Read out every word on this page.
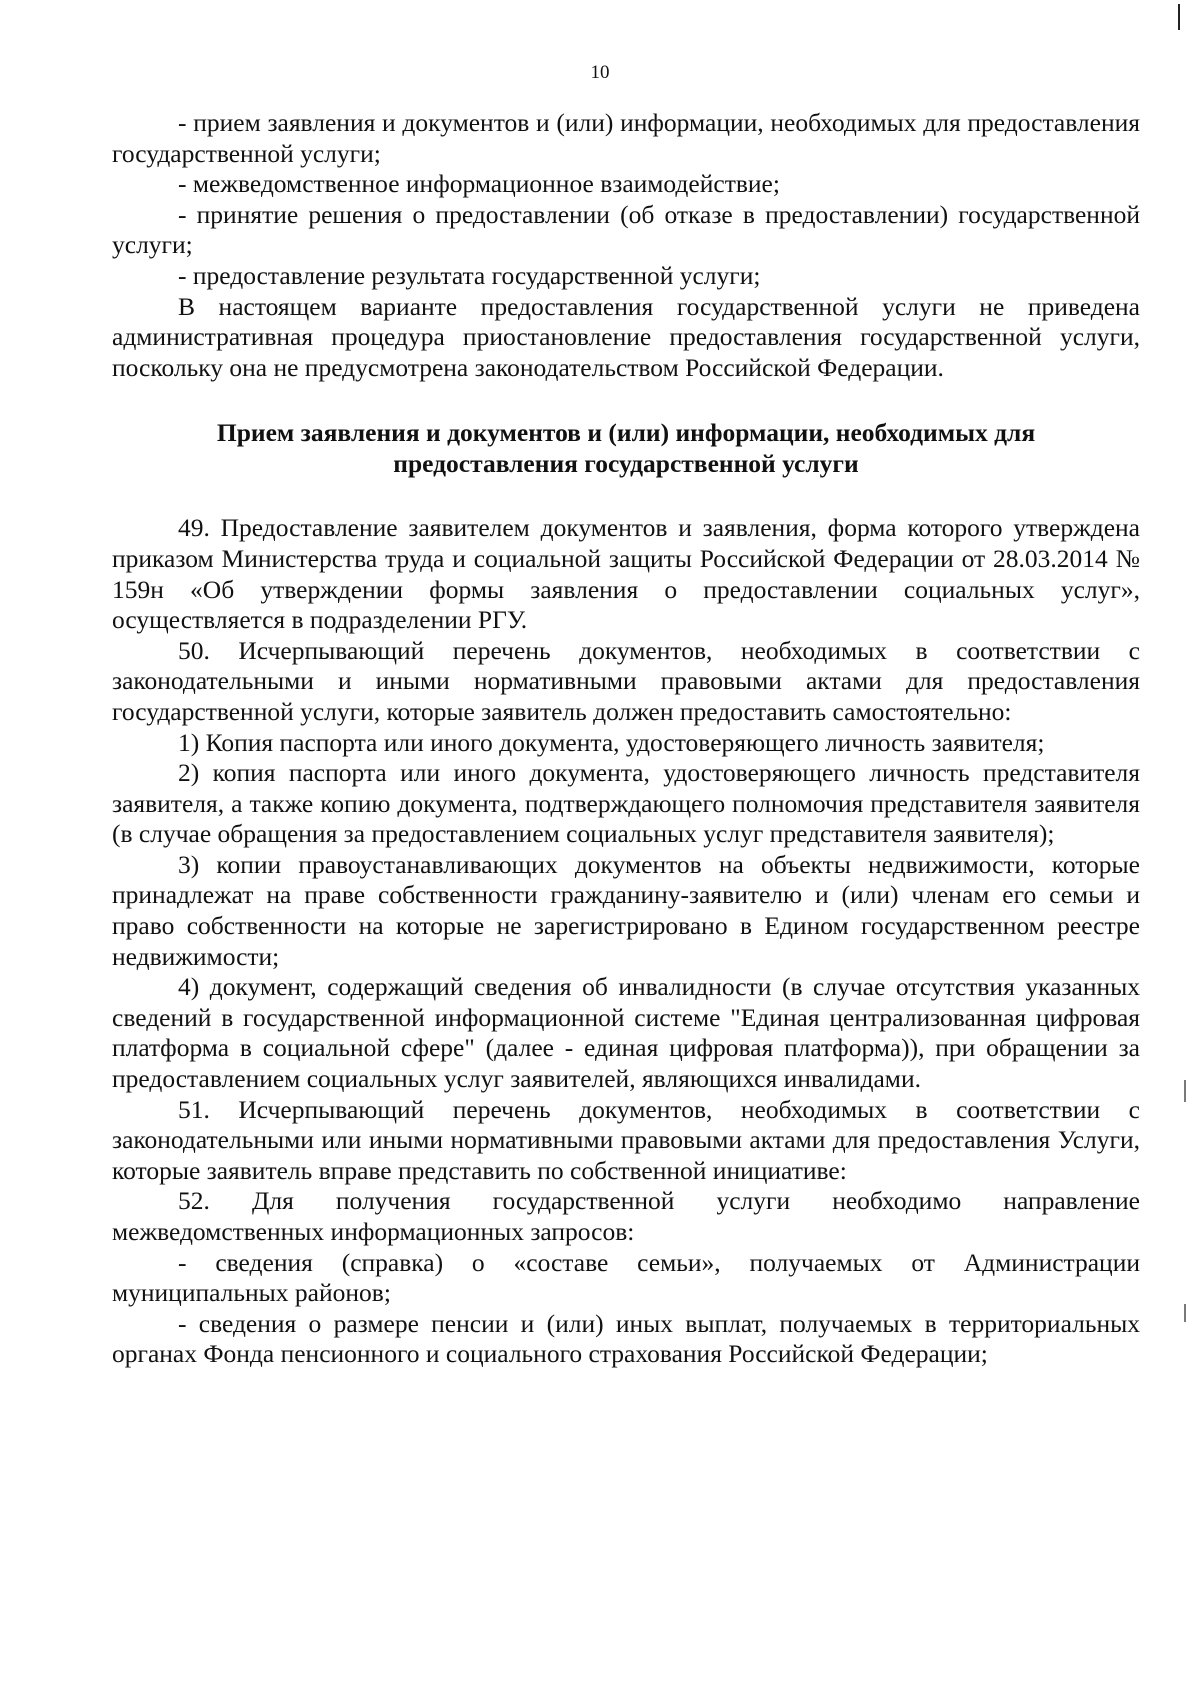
10

- прием заявления и документов и (или) информации, необходимых для предоставления государственной услуги;

- межведомственное информационное взаимодействие;

- принятие решения о предоставлении (об отказе в предоставлении) государственной услуги;

- предоставление результата государственной услуги;

В настоящем варианте предоставления государственной услуги не приведена административная процедура приостановление предоставления государственной услуги, поскольку она не предусмотрена законодательством Российской Федерации.

Прием заявления и документов и (или) информации, необходимых для
предоставления государственной услуги

49. Предоставление заявителем документов и заявления, форма которого утверждена приказом Министерства труда и социальной защиты Российской Федерации от 28.03.2014 № 159н «Об утверждении формы заявления о предоставлении социальных услуг», осуществляется в подразделении РГУ.

50. Исчерпывающий перечень документов, необходимых в соответствии с законодательными и иными нормативными правовыми актами для предоставления государственной услуги, которые заявитель должен предоставить самостоятельно:

1) Копия паспорта или иного документа, удостоверяющего личность заявителя;

2) копия паспорта или иного документа, удостоверяющего личность представителя заявителя, а также копию документа, подтверждающего полномочия представителя заявителя (в случае обращения за предоставлением социальных услуг представителя заявителя);

3) копии правоустанавливающих документов на объекты недвижимости, которые принадлежат на праве собственности гражданину-заявителю и (или) членам его семьи и право собственности на которые не зарегистрировано в Едином государственном реестре недвижимости;

4) документ, содержащий сведения об инвалидности (в случае отсутствия указанных сведений в государственной информационной системе "Единая централизованная цифровая платформа в социальной сфере" (далее - единая цифровая платформа)), при обращении за предоставлением социальных услуг заявителей, являющихся инвалидами.

51. Исчерпывающий перечень документов, необходимых в соответствии с законодательными или иными нормативными правовыми актами для предоставления Услуги, которые заявитель вправе представить по собственной инициативе:

52. Для получения государственной услуги необходимо направление межведомственных информационных запросов:

- сведения (справка) о «составе семьи», получаемых от Администрации муниципальных районов;

- сведения о размере пенсии и (или) иных выплат, получаемых в территориальных органах Фонда пенсионного и социального страхования Российской Федерации;
